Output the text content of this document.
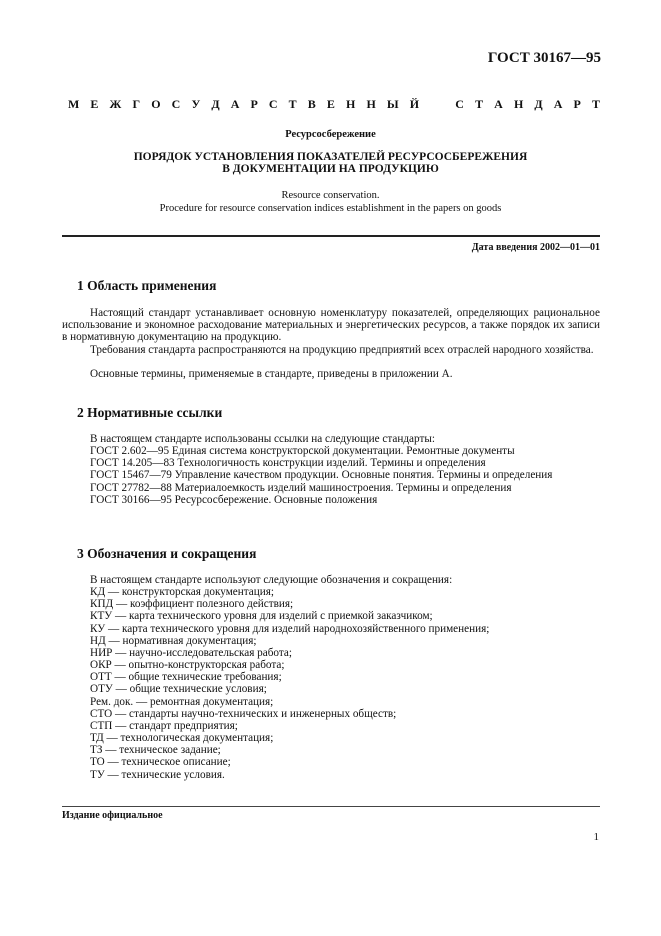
ГОСТ 30167—95
М Е Ж Г О С У Д А Р С Т В Е Н Н Ы Й	С Т А Н Д А Р Т
Ресурсосбережение
ПОРЯДОК УСТАНОВЛЕНИЯ ПОКАЗАТЕЛЕЙ РЕСУРСОСБЕРЕЖЕНИЯ
В ДОКУМЕНТАЦИИ НА ПРОДУКЦИЮ
Resource conservation.
Procedure for resource conservation indices establishment in the papers on goods
Дата введения 2002—01—01
1 Область применения
Настоящий стандарт устанавливает основную номенклатуру показателей, определяющих рациональное использование и экономное расходование материальных и энергетических ресурсов, а также порядок их записи в нормативную документацию на продукцию.
Требования стандарта распространяются на продукцию предприятий всех отраслей народного хозяйства.
Основные термины, применяемые в стандарте, приведены в приложении А.
2 Нормативные ссылки
В настоящем стандарте использованы ссылки на следующие стандарты:
ГОСТ 2.602—95 Единая система конструкторской документации. Ремонтные документы
ГОСТ 14.205—83 Технологичность конструкции изделий. Термины и определения
ГОСТ 15467—79 Управление качеством продукции. Основные понятия. Термины и определения
ГОСТ 27782—88 Материалоемкость изделий машиностроения. Термины и определения
ГОСТ 30166—95 Ресурсосбережение. Основные положения
3 Обозначения и сокращения
В настоящем стандарте используют следующие обозначения и сокращения:
КД — конструкторская документация;
КПД — коэффициент полезного действия;
КТУ — карта технического уровня для изделий с приемкой заказчиком;
КУ — карта технического уровня для изделий народнохозяйственного применения;
НД — нормативная документация;
НИР — научно-исследовательская работа;
ОКР — опытно-конструкторская работа;
ОТТ — общие технические требования;
ОТУ — общие технические условия;
Рем. док. — ремонтная документация;
СТО — стандарты научно-технических и инженерных обществ;
СТП — стандарт предприятия;
ТД — технологическая документация;
ТЗ — техническое задание;
ТО — техническое описание;
ТУ — технические условия.
Издание официальное
1
